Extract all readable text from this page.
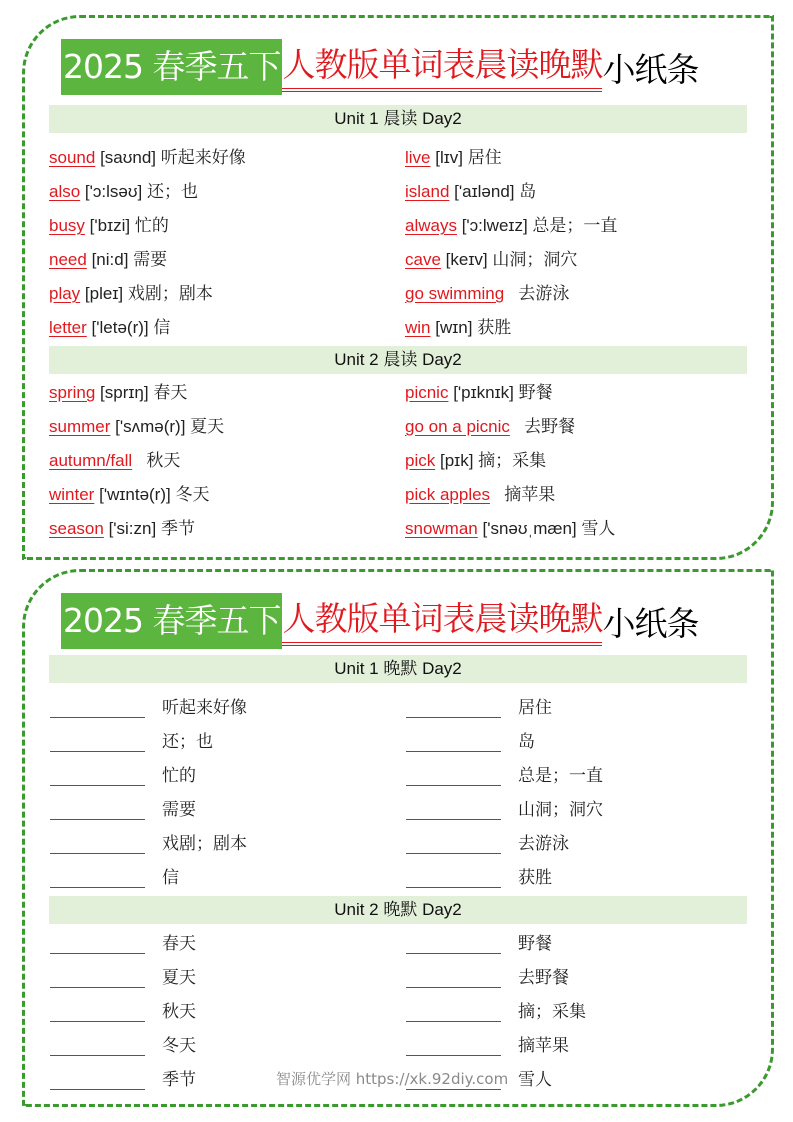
2025 春季五下 人教版单词表晨读晚默 小纸条
Unit 1 晨读 Day2
sound [saʊnd] 听起来好像	live [lɪv] 居住
also ['ɔ:lsəʊ] 还；也	island ['aɪlənd] 岛
busy ['bɪzi] 忙的	always ['ɔ:lweɪz] 总是；一直
need [ni:d] 需要	cave [keɪv] 山洞；洞穴
play [pleɪ] 戏剧；剧本	go swimming 去游泳
letter ['letə(r)] 信	win [wɪn] 获胜
Unit 2 晨读 Day2
spring [sprɪŋ] 春天	picnic ['pɪknɪk] 野餐
summer ['sʌmə(r)] 夏天	go on a picnic 去野餐
autumn/fall 秋天	pick [pɪk] 摘；采集
winter ['wɪntə(r)] 冬天	pick apples 摘苹果
season ['si:zn] 季节	snowman ['snəʊˌmæn] 雪人
2025 春季五下 人教版单词表晨读晚默 小纸条
Unit 1 晚默 Day2
听起来好像	居住
还；也	岛
忙的	总是；一直
需要	山洞；洞穴
戏剧；剧本	去游泳
信	获胜
Unit 2 晚默 Day2
春天	野餐
夏天	去野餐
秋天	摘；采集
冬天	摘苹果
季节	雪人
智源优学网 https://xk.92diy.com
